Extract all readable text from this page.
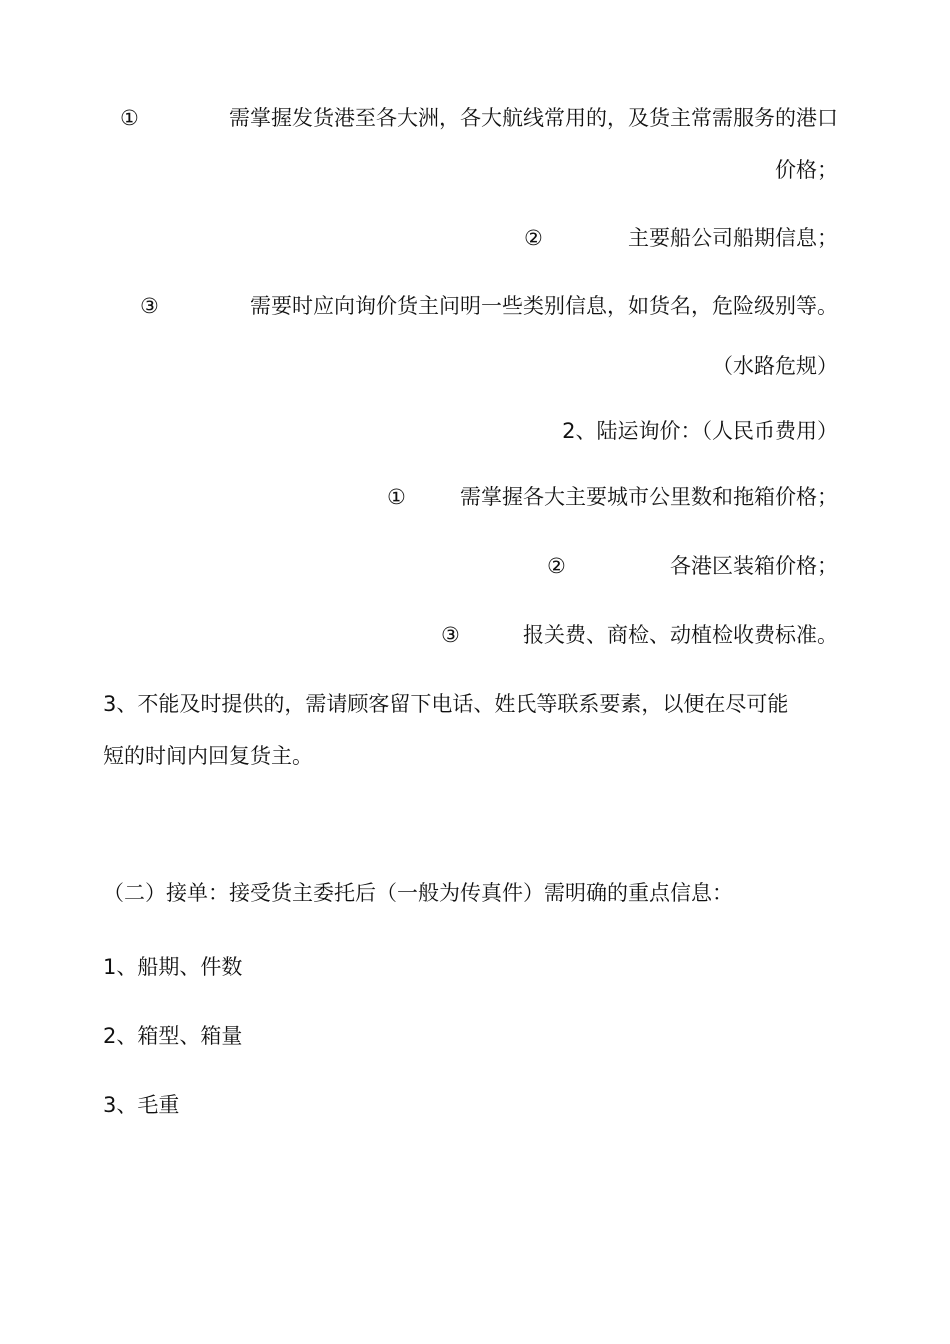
①	需掌握发货港至各大洲，各大航线常用的，及货主常需服务的港口
价格；
②	主要船公司船期信息；
③	需要时应向询价货主问明一些类别信息，如货名，危险级别等。
（水路危规）
2、陆运询价：（人民币费用）
①	需掌握各大主要城市公里数和拖箱价格；
②	各港区装箱价格；
③	报关费、商检、动植检收费标准。
3、不能及时提供的，需请顾客留下电话、姓氏等联系要素，以便在尽可能
短的时间内回复货主。
（二）接单：接受货主委托后（一般为传真件）需明确的重点信息：
1、船期、件数
2、箱型、箱量
3、毛重
